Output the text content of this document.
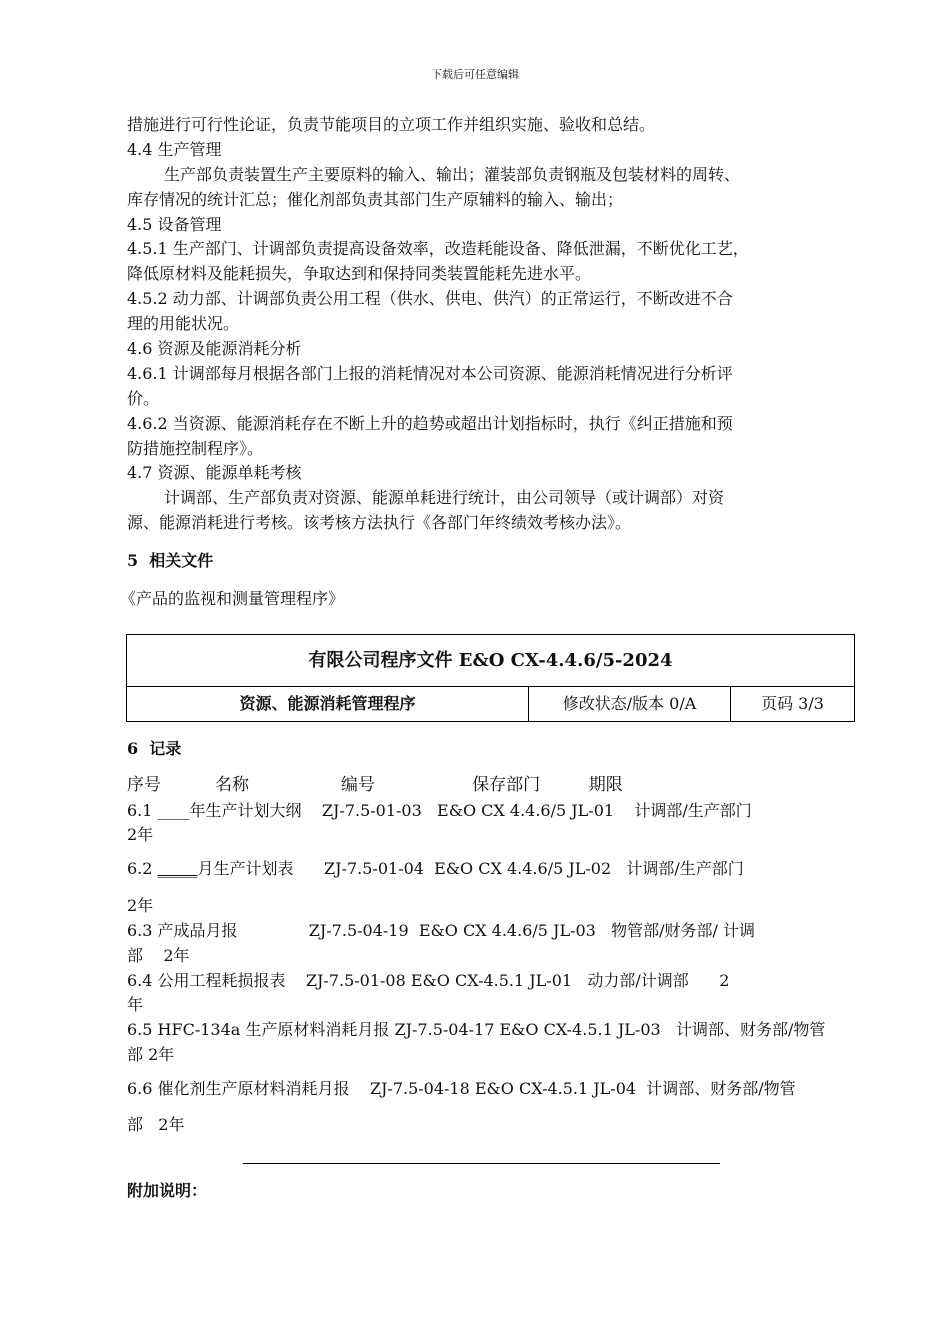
下载后可任意编辑
措施进行可行性论证，负责节能项目的立项工作并组织实施、验收和总结。
4.4 生产管理
生产部负责装置生产主要原料的输入、输出；灌装部负责钢瓶及包装材料的周转、
库存情况的统计汇总；催化剂部负责其部门生产原辅料的输入、输出；
4.5 设备管理
4.5.1 生产部门、计调部负责提高设备效率，改造耗能设备、降低泄漏，不断优化工艺，
降低原材料及能耗损失，争取达到和保持同类装置能耗先进水平。
4.5.2 动力部、计调部负责公用工程（供水、供电、供汽）的正常运行，不断改进不合
理的用能状况。
4.6 资源及能源消耗分析
4.6.1 计调部每月根据各部门上报的消耗情况对本公司资源、能源消耗情况进行分析评
价。
4.6.2 当资源、能源消耗存在不断上升的趋势或超出计划指标时，执行《纠正措施和预
防措施控制程序》。
4.7 资源、能源单耗考核
计调部、生产部负责对资源、能源单耗进行统计，由公司领导（或计调部）对资
源、能源消耗进行考核。该考核方法执行《各部门年终绩效考核办法》。
5  相关文件
《产品的监视和测量管理程序》
有限公司程序文件 E&O CX-4.4.6/5-2024
资源、能源消耗管理程序	修改状态/版本 0/A	页码 3/3
6  记录
序号          名称                 编号                  保存部门         期限
6.1 ____年生产计划大纲    ZJ-7.5-01-03   E&O CX 4.4.6/5 JL-01    计调部/生产部门
2年
6.2 _____月生产计划表      ZJ-7.5-01-04  E&O CX 4.4.6/5 JL-02   计调部/生产部门
2年
6.3 产成品月报              ZJ-7.5-04-19  E&O CX 4.4.6/5 JL-03   物管部/财务部/ 计调
部    2年
6.4 公用工程耗损报表    ZJ-7.5-01-08 E&O CX-4.5.1 JL-01   动力部/计调部      2
年
6.5 HFC-134a 生产原材料消耗月报 ZJ-7.5-04-17 E&O CX-4.5.1 JL-03   计调部、财务部/物管
部 2年
6.6 催化剂生产原材料消耗月报    ZJ-7.5-04-18 E&O CX-4.5.1 JL-04  计调部、财务部/物管
部   2年
附加说明：
